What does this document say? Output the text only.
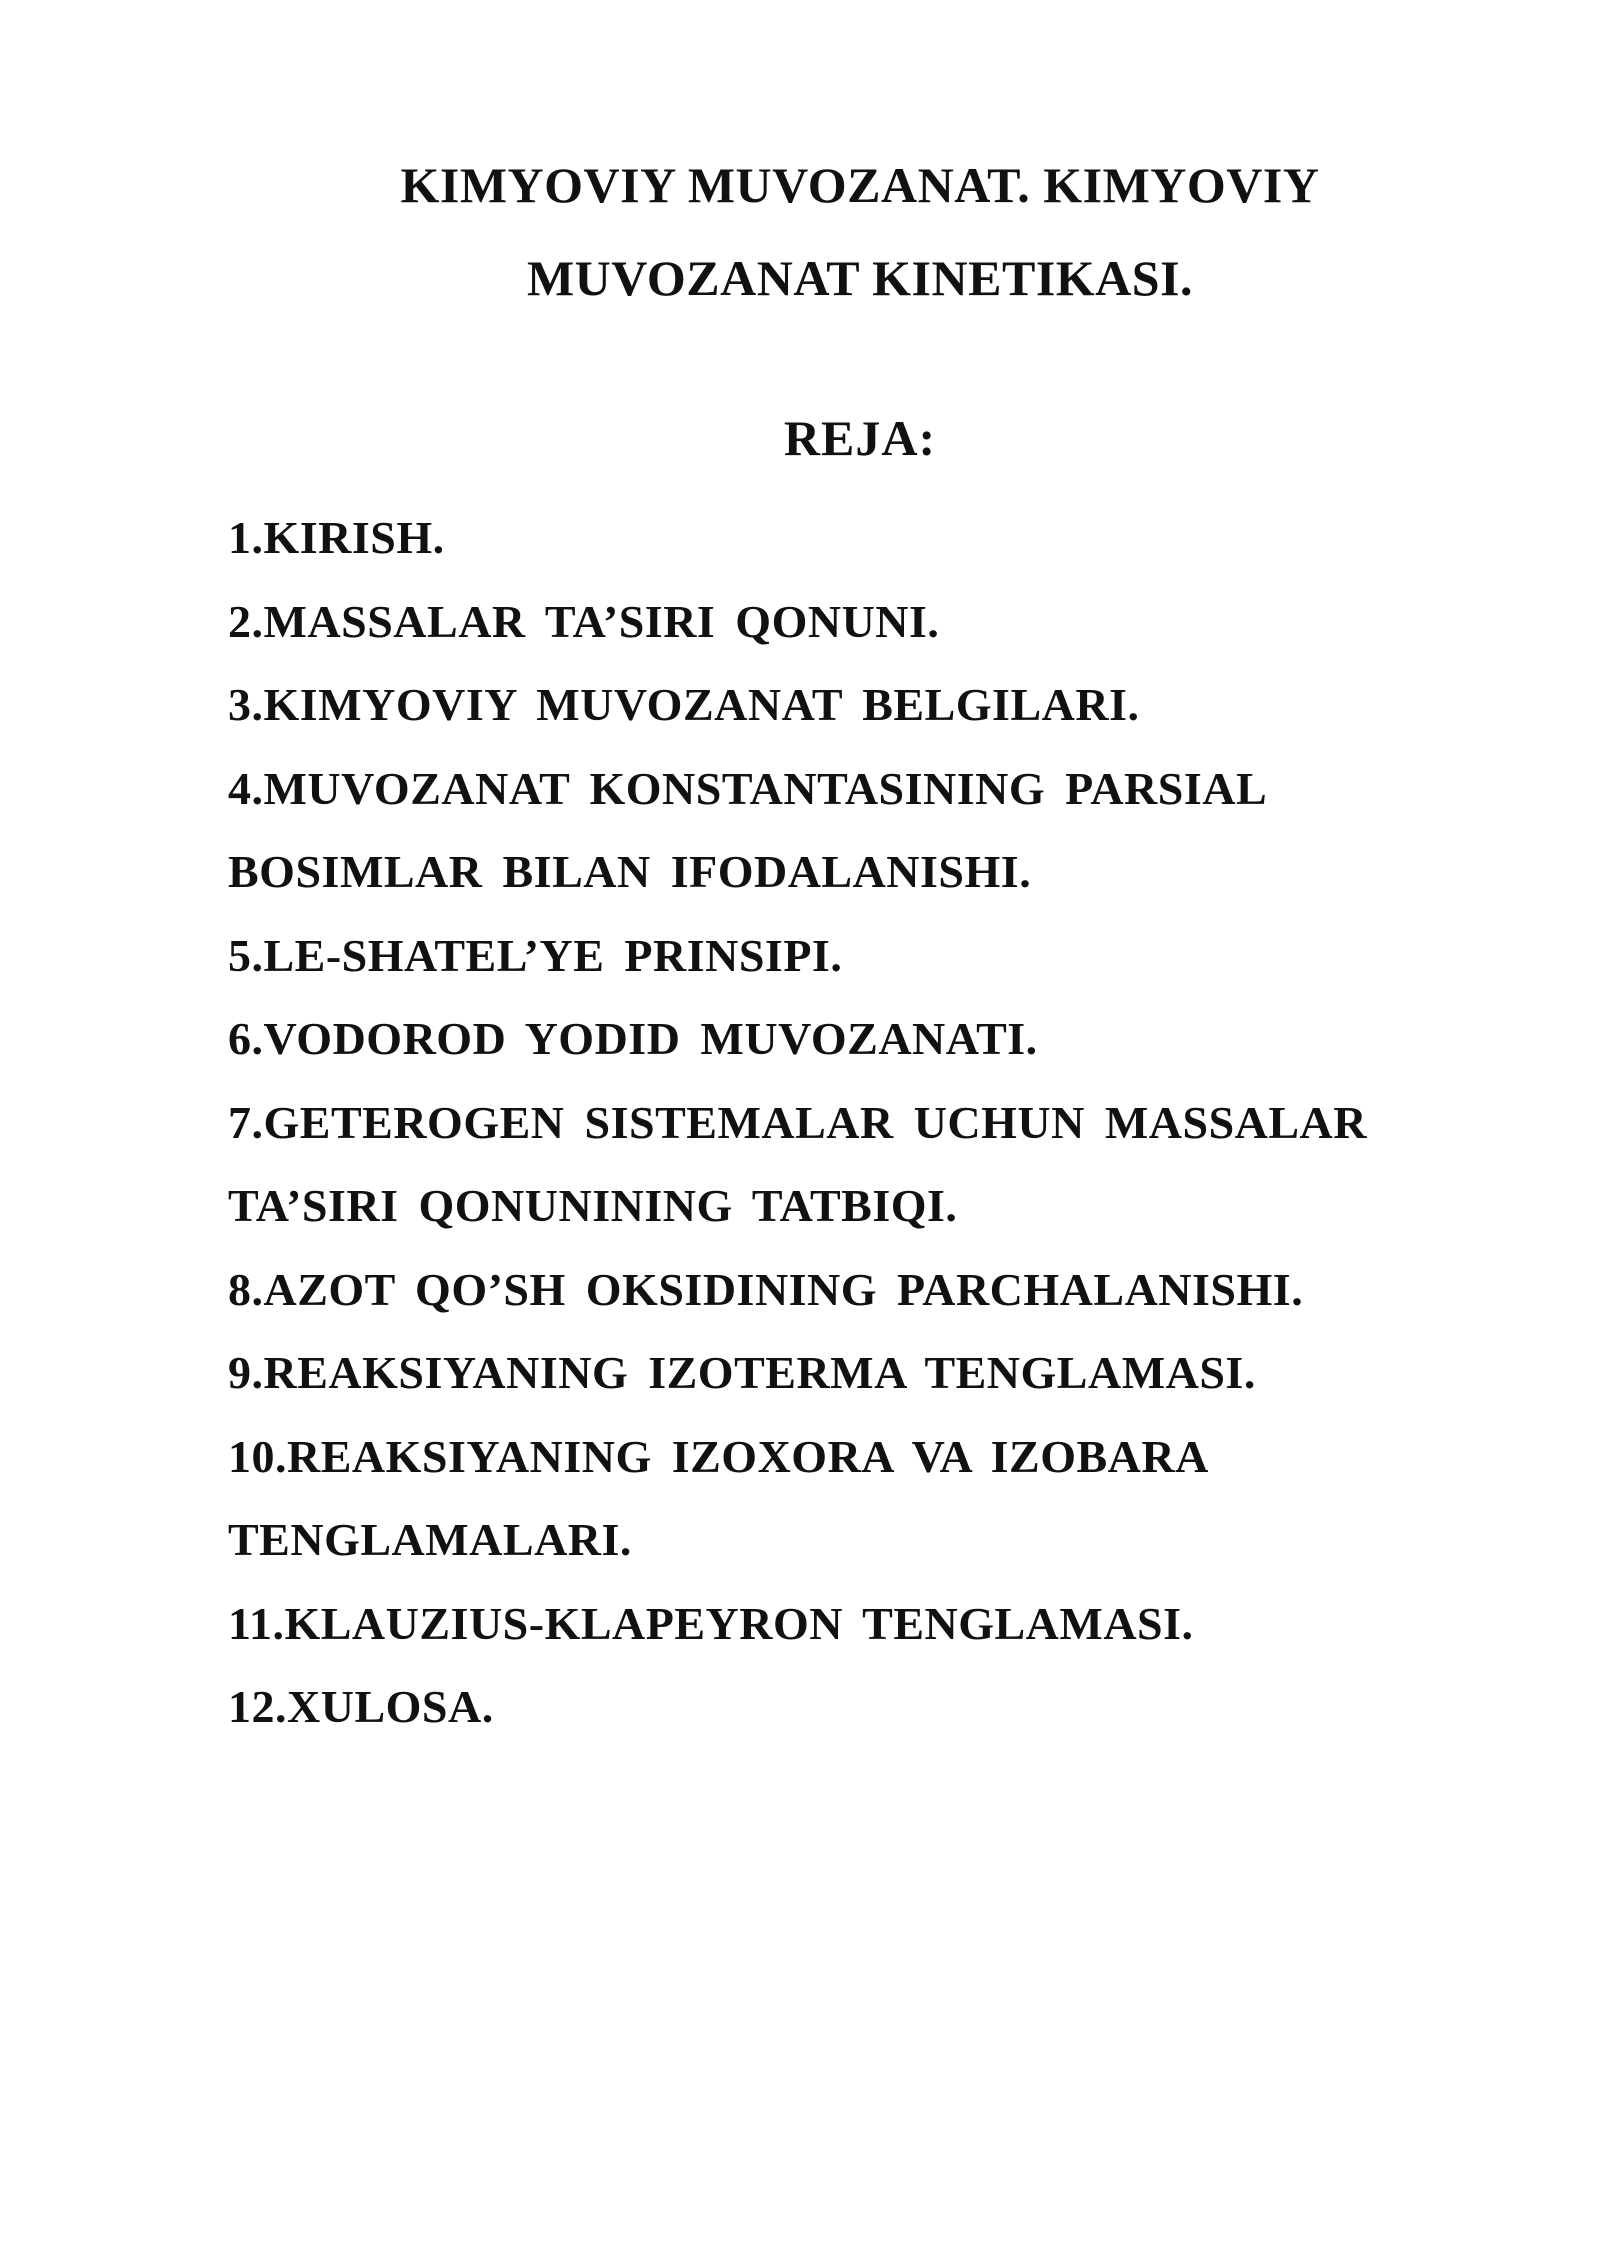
KIMYOVIY MUVOZANAT. KIMYOVIY
MUVOZANAT KINETIKASI.
REJA:
1.KIRISH.
2.MASSALAR TA’SIRI QONUNI.
3.KIMYOVIY MUVOZANAT BELGILARI.
4.MUVOZANAT KONSTANTASINING PARSIAL
BOSIMLAR BILAN IFODALANISHI.
5.LE-SHATEL’YE PRINSIPI.
6.VODOROD YODID MUVOZANATI.
7.GETEROGEN SISTEMALAR UCHUN MASSALAR
TA’SIRI QONUNINING TATBIQI.
8.AZOT QO’SH OKSIDINING PARCHALANISHI.
9.REAKSIYANING IZOTERMA TENGLAMASI.
10.REAKSIYANING IZOXORA VA IZOBARA
TENGLAMALARI.
11.KLAUZIUS-KLAPEYRON TENGLAMASI.
12.XULOSA.
